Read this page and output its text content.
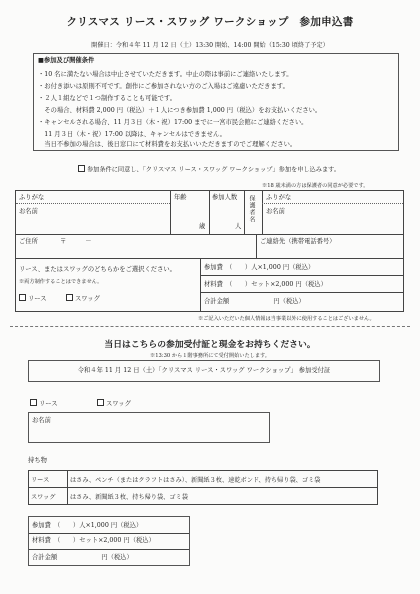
クリスマス リース・スワッグ ワークショップ　参加申込書
開催日：令和４年 11 月 12 日（土）13:30 開始、14:00 開始（15:30 頃終了予定）
■参加及び開催条件
・10 名に満たない場合は中止させていただきます。中止の際は事前にご連絡いたします。
・お付き添いは原則不可です。創作にご参加されない方のご入場はご遠慮いただきます。
・２人１組などで１つ制作することも可能です。
　その場合、材料費 2,000 円（税込）＋１人につき参加費 1,000 円（税込）をお支払いください。
・キャンセルされる場合、11 月３日（木・祝）17:00 までに一宮市民会館にご連絡ください。
　11 月３日（木・祝）17:00 以降は、キャンセルはできません。
　当日不参加の場合は、後日窓口にて材料費をお支払いいただきますのでご理解ください。
参加条件に同意し、「クリスマス リース・スワッグ ワークショップ」参加を申し込みます。
※18 歳未満の方は保護者の同意が必要です。
ふりがな
お名前
年齢
歳
参加人数
人
保護者名 ふりがな
お名前
ご住所	〒　　　－	ご連絡先（携帯電話番号）
リース、またはスワッグのどちらかをご選択ください。
※両方制作することはできません。
リース	スワッグ
参加費　（　　）人×1,000 円（税込）
材料費　（　　）セット×2,000 円（税込）
合計金額　　　　　　　円（税込）
※ご記入いただいた個人情報は当事業以外に使用することはございません。
当日はこちらの参加受付証と現金をお持ちください。
※13:30 から１階事務所にて受付開始いたします。
令和４年 11 月 12 日（土）「クリスマス リース・スワッグ ワークショップ」 参加受付証
リース	スワッグ
お名前
持ち物
リース	はさみ、ペンチ（またはクラフトはさみ）、新聞紙３枚、速乾ボンド、持ち帰り袋、ゴミ袋
スワッグ	はさみ、新聞紙３枚、持ち帰り袋、ゴミ袋
参加費　（　　）人×1,000 円（税込）
材料費　（　　）セット×2,000 円（税込）
合計金額　　　　　　　円（税込）
